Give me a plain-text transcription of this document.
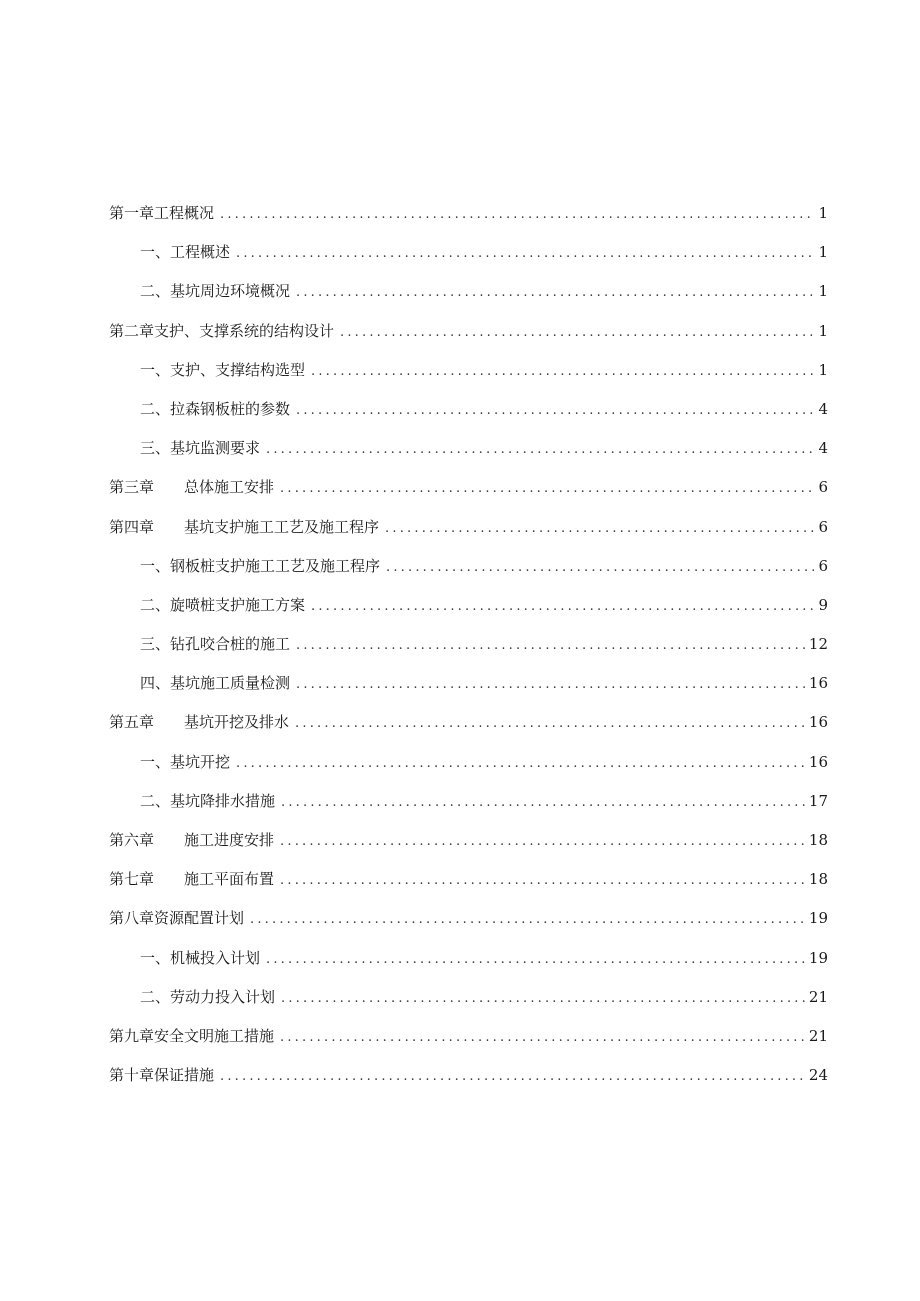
第一章工程概况 .....	1
一、工程概述 .....	1
二、基坑周边环境概况 .....	1
第二章支护、支撑系统的结构设计 .....	1
一、支护、支撑结构选型 .....	1
二、拉森钢板桩的参数 .....	4
三、基坑监测要求 .....	4
第三章 总体施工安排 .....	6
第四章 基坑支护施工工艺及施工程序 .....	6
一、钢板桩支护施工工艺及施工程序 .....	6
二、旋喷桩支护施工方案 .....	9
三、钻孔咬合桩的施工 .....	12
四、基坑施工质量检测 .....	16
第五章 基坑开挖及排水 .....	16
一、基坑开挖 .....	16
二、基坑降排水措施 .....	17
第六章 施工进度安排 .....	18
第七章 施工平面布置 .....	18
第八章资源配置计划 .....	19
一、机械投入计划 .....	19
二、劳动力投入计划 .....	21
第九章安全文明施工措施 .....	21
第十章保证措施 .....	24
